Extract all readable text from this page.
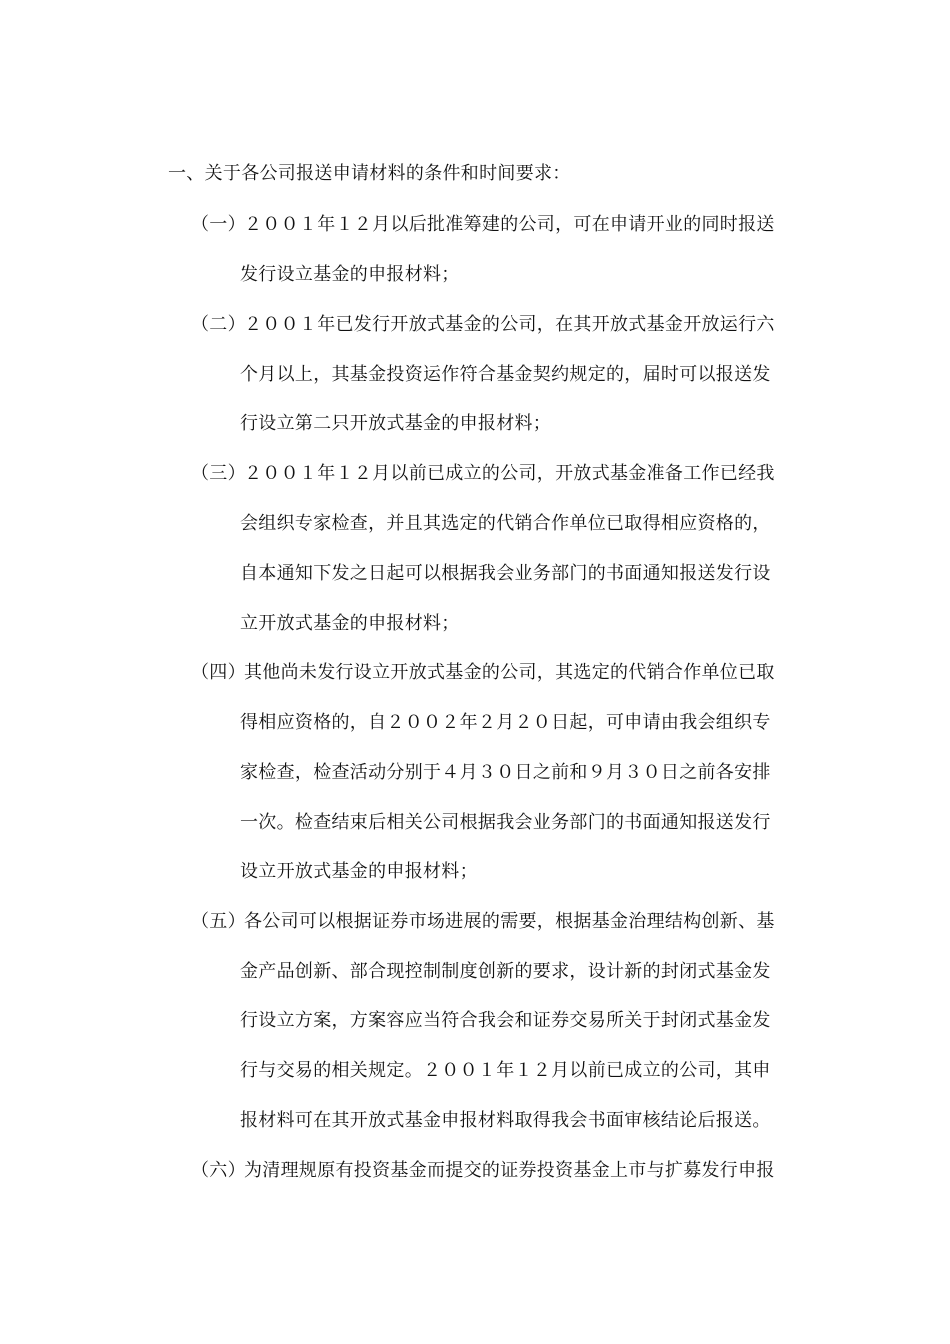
一、关于各公司报送申请材料的条件和时间要求：
（一）
２００１年１２月以后批准筹建的公司，可在申请开业的同时报送
发行设立基金的申报材料；
（二）
２００１年已发行开放式基金的公司，在其开放式基金开放运行六
个月以上，其基金投资运作符合基金契约规定的，届时可以报送发
行设立第二只开放式基金的申报材料；
（三）
２００１年１２月以前已成立的公司，开放式基金准备工作已经我
会组织专家检查，并且其选定的代销合作单位已取得相应资格的，
自本通知下发之日起可以根据我会业务部门的书面通知报送发行设
立开放式基金的申报材料；
（四）
其他尚未发行设立开放式基金的公司，其选定的代销合作单位已取
得相应资格的，自２００２年２月２０日起，可申请由我会组织专
家检查，检查活动分别于４月３０日之前和９月３０日之前各安排
一次。检查结束后相关公司根据我会业务部门的书面通知报送发行
设立开放式基金的申报材料；
（五）
各公司可以根据证券市场进展的需要，根据基金治理结构创新、基
金产品创新、部合现控制制度创新的要求，设计新的封闭式基金发
行设立方案，方案容应当符合我会和证券交易所关于封闭式基金发
行与交易的相关规定。２００１年１２月以前已成立的公司，其申
报材料可在其开放式基金申报材料取得我会书面审核结论后报送。
（六）
为清理规原有投资基金而提交的证券投资基金上市与扩募发行申报
